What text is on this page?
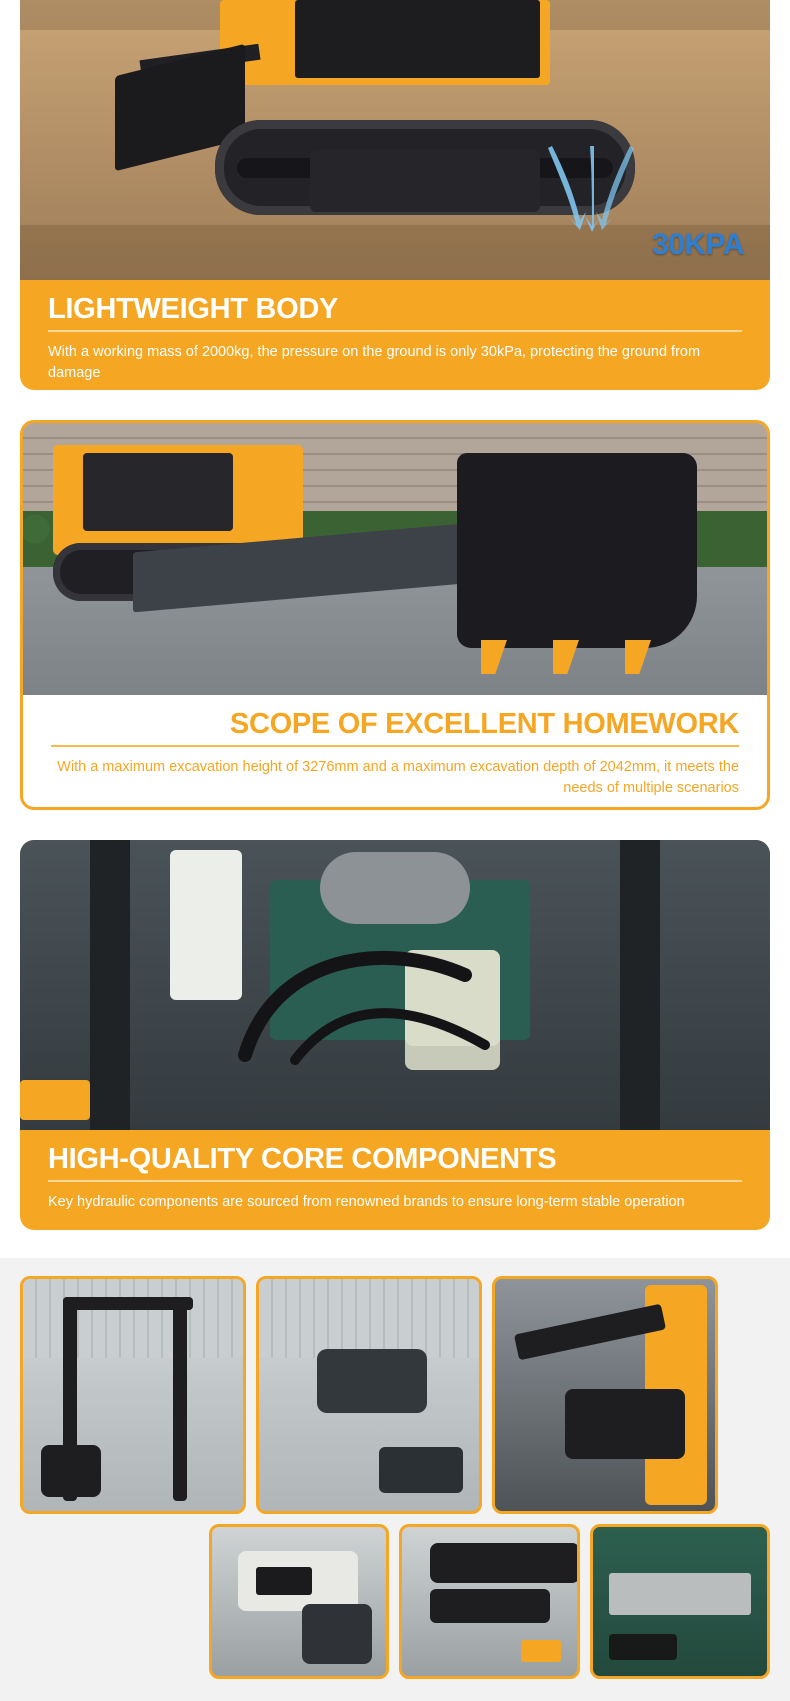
30KPA
LIGHTWEIGHT BODY

With a working mass of 2000kg, the pressure on the ground is only 30kPa, protecting the ground from damage

SCOPE OF EXCELLENT HOMEWORK

With a maximum excavation height of 3276mm and a maximum excavation depth of 2042mm, it meets the needs of multiple scenarios

HIGH-QUALITY CORE COMPONENTS

Key hydraulic components are sourced from renowned brands to ensure long-term stable operation
